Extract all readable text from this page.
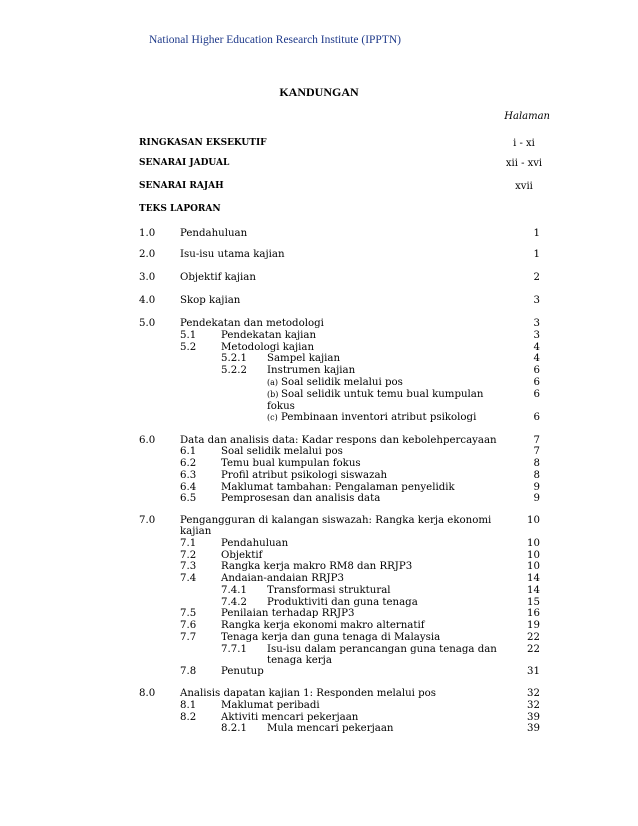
National Higher Education Research Institute (IPPTN)
KANDUNGAN
Halaman
RINGKASAN EKSEKUTIF	i - xi
SENARAI JADUAL	xii - xvi
SENARAI RAJAH	xvii
TEKS LAPORAN
1.0 Pendahuluan	1
2.0 Isu-isu utama kajian	1
3.0 Objektif kajian	2
4.0 Skop kajian	3
5.0 Pendekatan dan metodologi	3
5.1 Pendekatan kajian	3
5.2 Metodologi kajian	4
5.2.1 Sampel kajian	4
5.2.2 Instrumen kajian	6
(a) Soal selidik melalui pos	6
(b) Soal selidik untuk temu bual kumpulan	6
fokus
(c) Pembinaan inventori atribut psikologi	6
6.0 Data dan analisis data: Kadar respons dan kebolehpercayaan	7
6.1 Soal selidik melalui pos	7
6.2 Temu bual kumpulan fokus	8
6.3 Profil atribut psikologi siswazah	8
6.4 Maklumat tambahan: Pengalaman penyelidik	9
6.5 Pemprosesan dan analisis data	9
7.0 Pengangguran di kalangan siswazah: Rangka kerja ekonomi	10
kajian
7.1 Pendahuluan	10
7.2 Objektif	10
7.3 Rangka kerja makro RM8 dan RRJP3	10
7.4 Andaian-andaian RRJP3	14
7.4.1 Transformasi struktural	14
7.4.2 Produktiviti dan guna tenaga	15
7.5 Penilaian terhadap RRJP3	16
7.6 Rangka kerja ekonomi makro alternatif	19
7.7 Tenaga kerja dan guna tenaga di Malaysia	22
7.7.1 Isu-isu dalam perancangan guna tenaga dan	22
tenaga kerja
7.8 Penutup	31
8.0 Analisis dapatan kajian 1: Responden melalui pos	32
8.1 Maklumat peribadi	32
8.2 Aktiviti mencari pekerjaan	39
8.2.1 Mula mencari pekerjaan	39
